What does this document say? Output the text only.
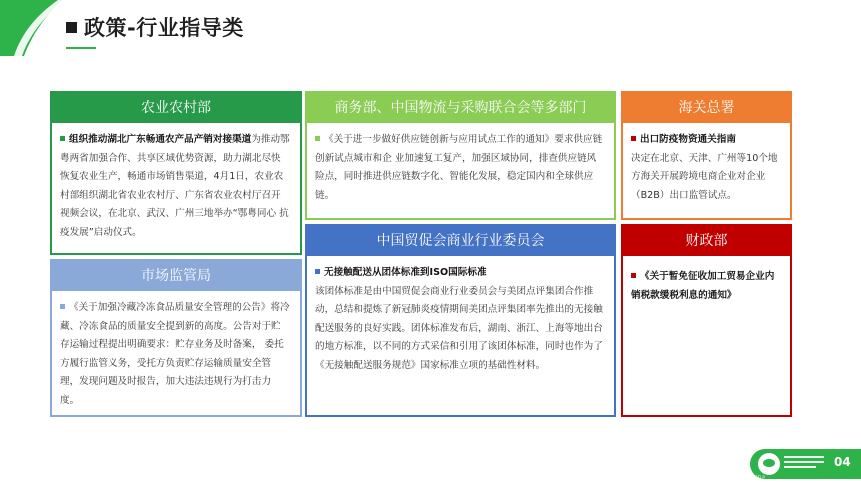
政策-行业指导类
农业农村部
组织推动湖北广东畅通农产品产销对接渠道为推动鄂粤两省加强合作、共享区域优势资源，助力湖北尽快恢复农业生产，畅通市场销售渠道，4月1日，农业农村部组织湖北省农业农村厅、广东省农业农村厅召开视频会议，在北京、武汉、广州三地举办“鄂粤同心 抗疫发展”启动仪式。
商务部、中国物流与采购联合会等多部门
《关于进一步做好供应链创新与应用试点工作的通知》要求供应链创新试点城市和企 业加速复工复产，加强区域协同，排查供应链风险点，同时推进供应链数字化、智能化发展，稳定国内和全球供应链。
海关总署
出口防疫物资通关指南
决定在北京、天津、广州等10个地方海关开展跨境电商企业对企业（B2B）出口监管试点。
市场监管局
《关于加强冷藏冷冻食品质量安全管理的公告》将冷藏、冷冻食品的质量安全提到新的高度。公告对于贮存运输过程提出明确要求：贮存业务及时备案， 委托方履行监管义务，受托方负责贮存运输质量安全管理，发现问题及时报告，加大违法违规行为打击力度。
中国贸促会商业行业委员会
无接触配送从团体标准到ISO国际标准
该团体标准是由中国贸促会商业行业委员会与美团点评集团合作推动，总结和提炼了新冠肺炎疫情期间美团点评集团率先推出的无接触配送服务的良好实践。团体标准发布后，湖南、浙江、上海等地出台的地方标准，以不同的方式采信和引用了该团体标准，同时也作为了《无接触配送服务规范》国家标准立项的基础性材料。
财政部
《关于暂免征收加工贸易企业内销税款缓税利息的通知》
CFLP
04
